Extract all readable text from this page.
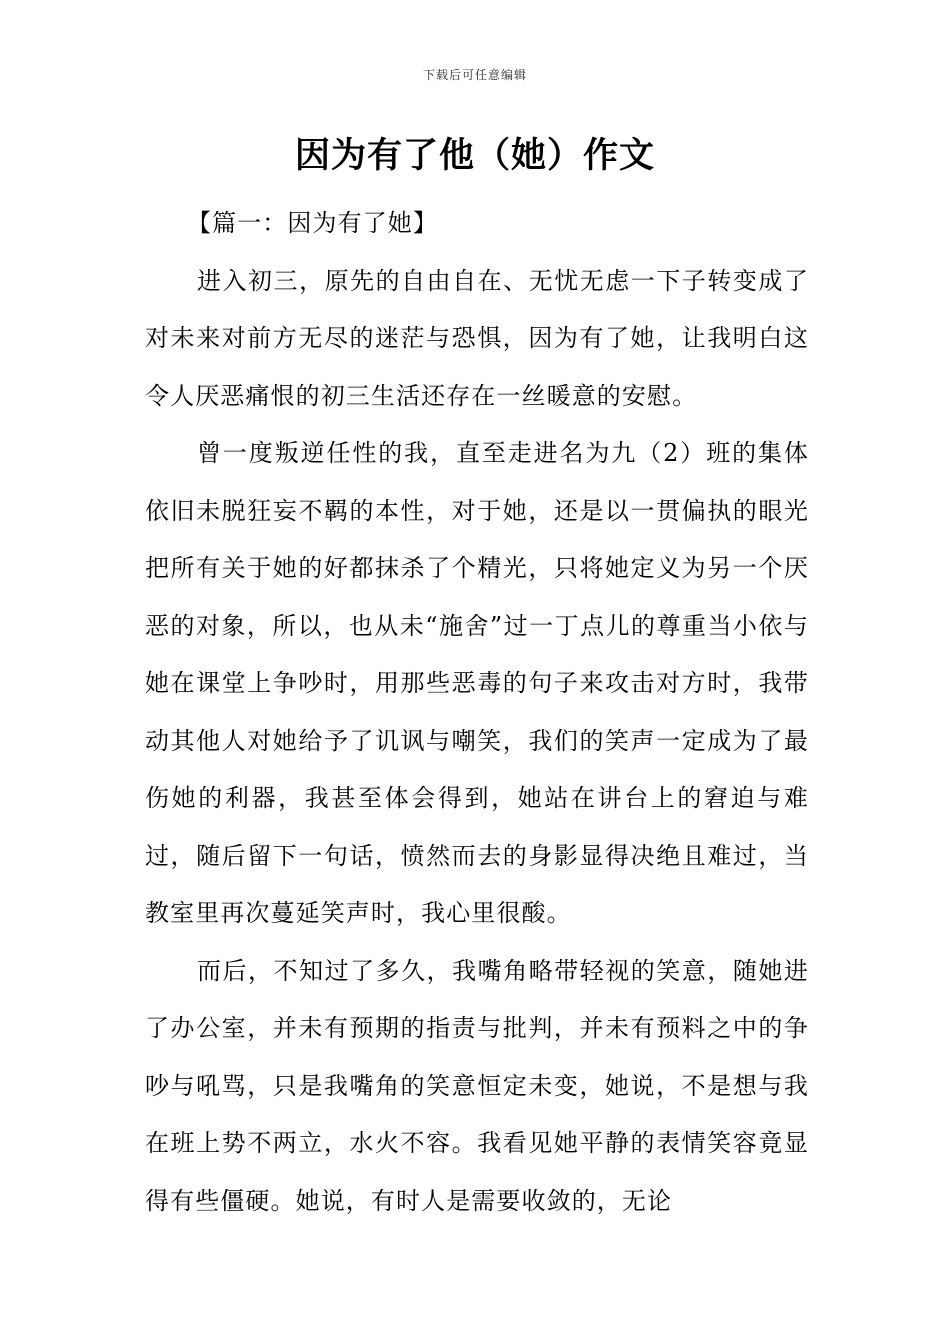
下载后可任意编辑
因为有了他（她）作文

【篇一：因为有了她】

进入初三，原先的自由自在、无忧无虑一下子转变成了对未来对前方无尽的迷茫与恐惧，因为有了她，让我明白这令人厌恶痛恨的初三生活还存在一丝暖意的安慰。

曾一度叛逆任性的我，直至走进名为九（2）班的集体依旧未脱狂妄不羁的本性，对于她，还是以一贯偏执的眼光把所有关于她的好都抹杀了个精光，只将她定义为另一个厌恶的对象，所以，也从未“施舍”过一丁点儿的尊重当小依与她在课堂上争吵时，用那些恶毒的句子来攻击对方时，我带动其他人对她给予了讥讽与嘲笑，我们的笑声一定成为了最伤她的利器，我甚至体会得到，她站在讲台上的窘迫与难过，随后留下一句话，愤然而去的身影显得决绝且难过，当教室里再次蔓延笑声时，我心里很酸。

而后，不知过了多久，我嘴角略带轻视的笑意，随她进了办公室，并未有预期的指责与批判，并未有预料之中的争吵与吼骂，只是我嘴角的笑意恒定未变，她说，不是想与我在班上势不两立，水火不容。我看见她平静的表情笑容竟显得有些僵硬。她说，有时人是需要收敛的，无论
